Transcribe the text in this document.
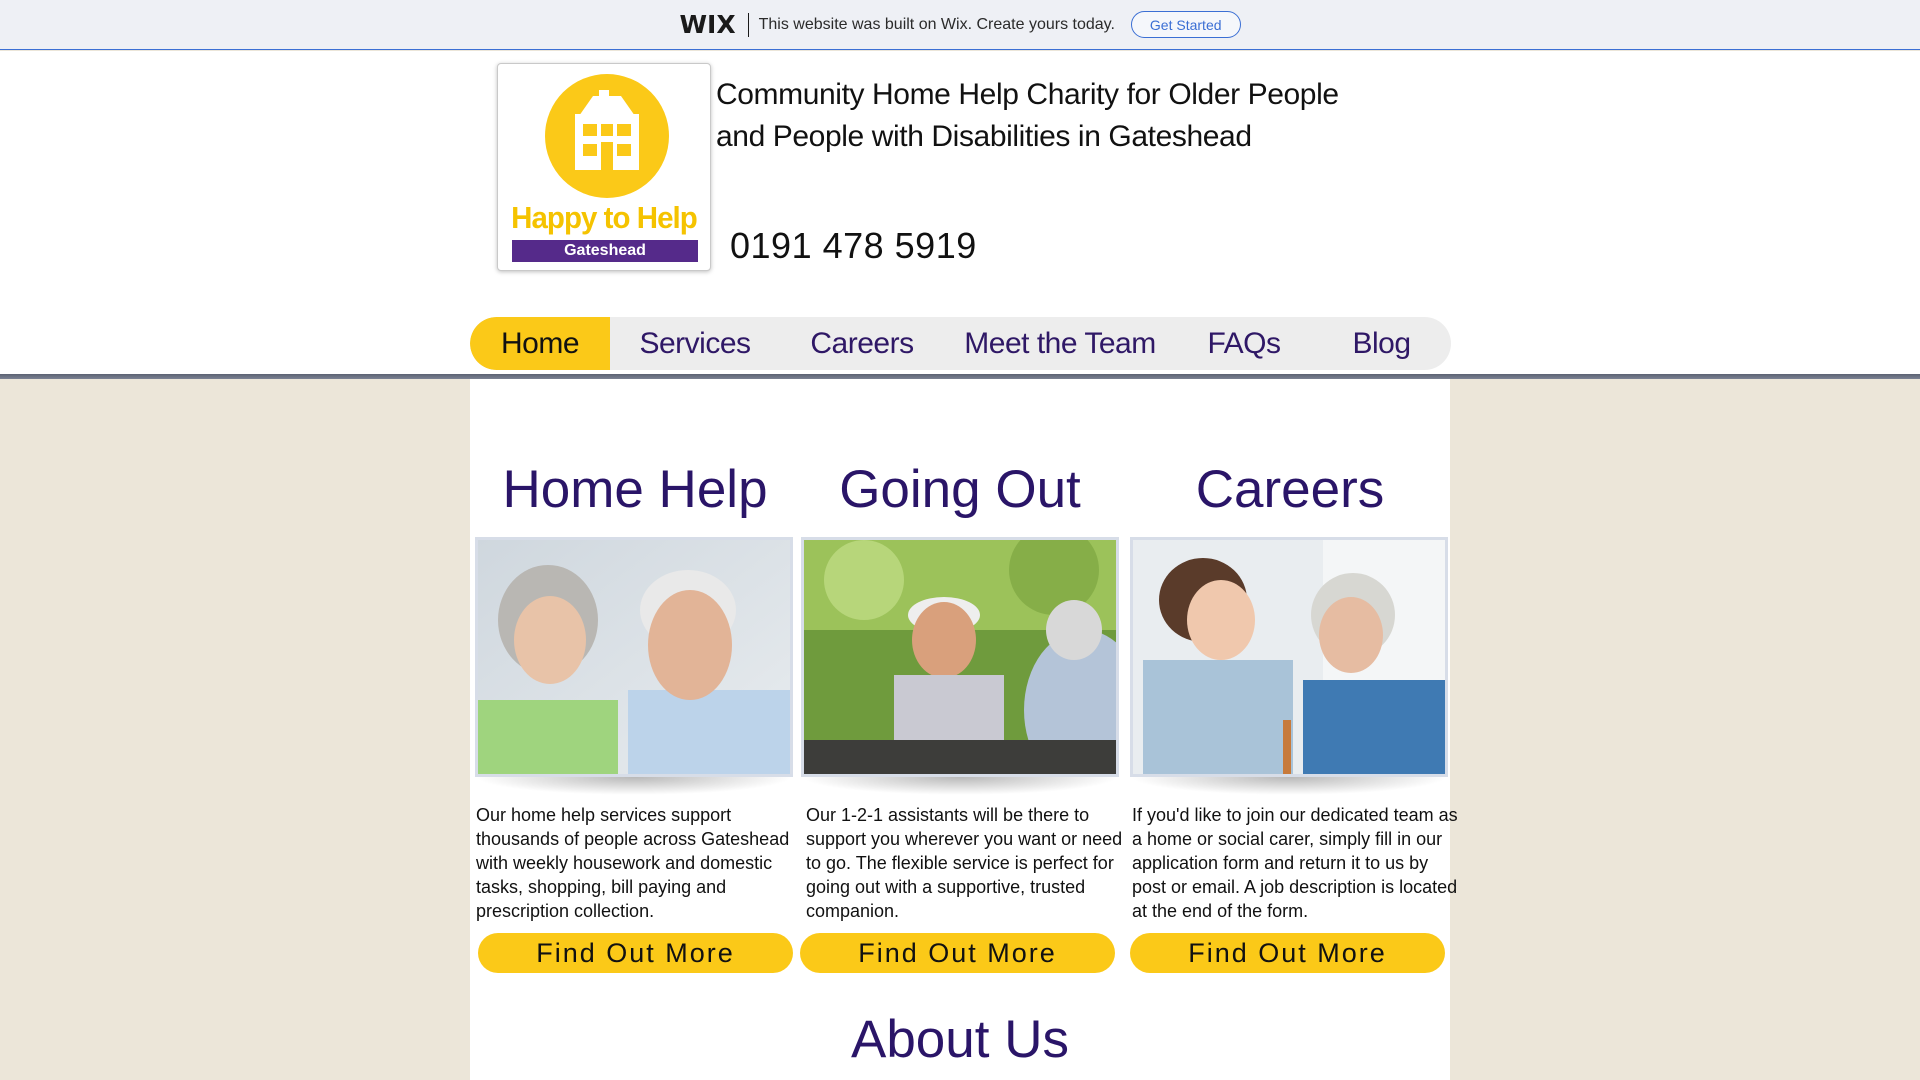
WIX This website was built on Wix. Create yours today.	Get Started
Happy to Help
Gateshead
Community Home Help Charity for Older People and People with Disabilities in Gateshead
0191 478 5919
Home	Services	Careers	Meet the Team	FAQs	Blog
Home Help
Our home help services support thousands of people across Gateshead with weekly housework and domestic tasks, shopping, bill paying and prescription collection.
Find Out More
Going Out
Our 1-2-1 assistants will be there to support you wherever you want or need to go. The flexible service is perfect for going out with a supportive, trusted companion.
Find Out More
Careers
If you'd like to join our dedicated team as a home or social carer, simply fill in our application form and return it to us by post or email. A job description is located at the end of the form.
Find Out More
About Us
